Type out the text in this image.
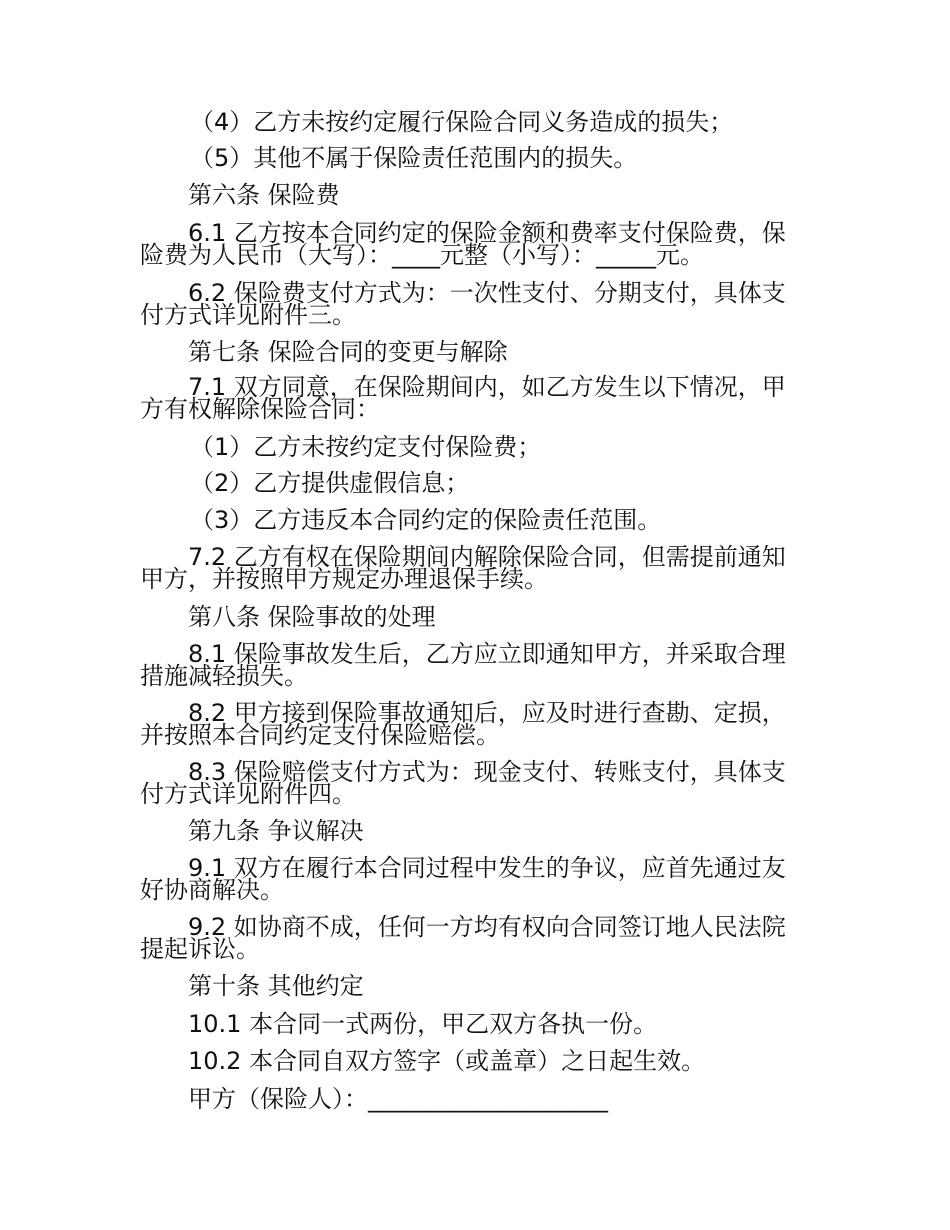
（4）乙方未按约定履行保险合同义务造成的损失；
（5）其他不属于保险责任范围内的损失。
第六条 保险费
6.1 乙方按本合同约定的保险金额和费率支付保险费，保
险费为人民币（大写）：____元整（小写）：_____元。
6.2 保险费支付方式为：一次性支付、分期支付，具体支
付方式详见附件三。
第七条 保险合同的变更与解除
7.1 双方同意，在保险期间内，如乙方发生以下情况，甲
方有权解除保险合同：
（1）乙方未按约定支付保险费；
（2）乙方提供虚假信息；
（3）乙方违反本合同约定的保险责任范围。
7.2 乙方有权在保险期间内解除保险合同，但需提前通知
甲方，并按照甲方规定办理退保手续。
第八条 保险事故的处理
8.1 保险事故发生后，乙方应立即通知甲方，并采取合理
措施减轻损失。
8.2 甲方接到保险事故通知后，应及时进行查勘、定损，
并按照本合同约定支付保险赔偿。
8.3 保险赔偿支付方式为：现金支付、转账支付，具体支
付方式详见附件四。
第九条 争议解决
9.1 双方在履行本合同过程中发生的争议，应首先通过友
好协商解决。
9.2 如协商不成，任何一方均有权向合同签订地人民法院
提起诉讼。
第十条 其他约定
10.1 本合同一式两份，甲乙双方各执一份。
10.2 本合同自双方签字（或盖章）之日起生效。
甲方（保险人）：____________________
